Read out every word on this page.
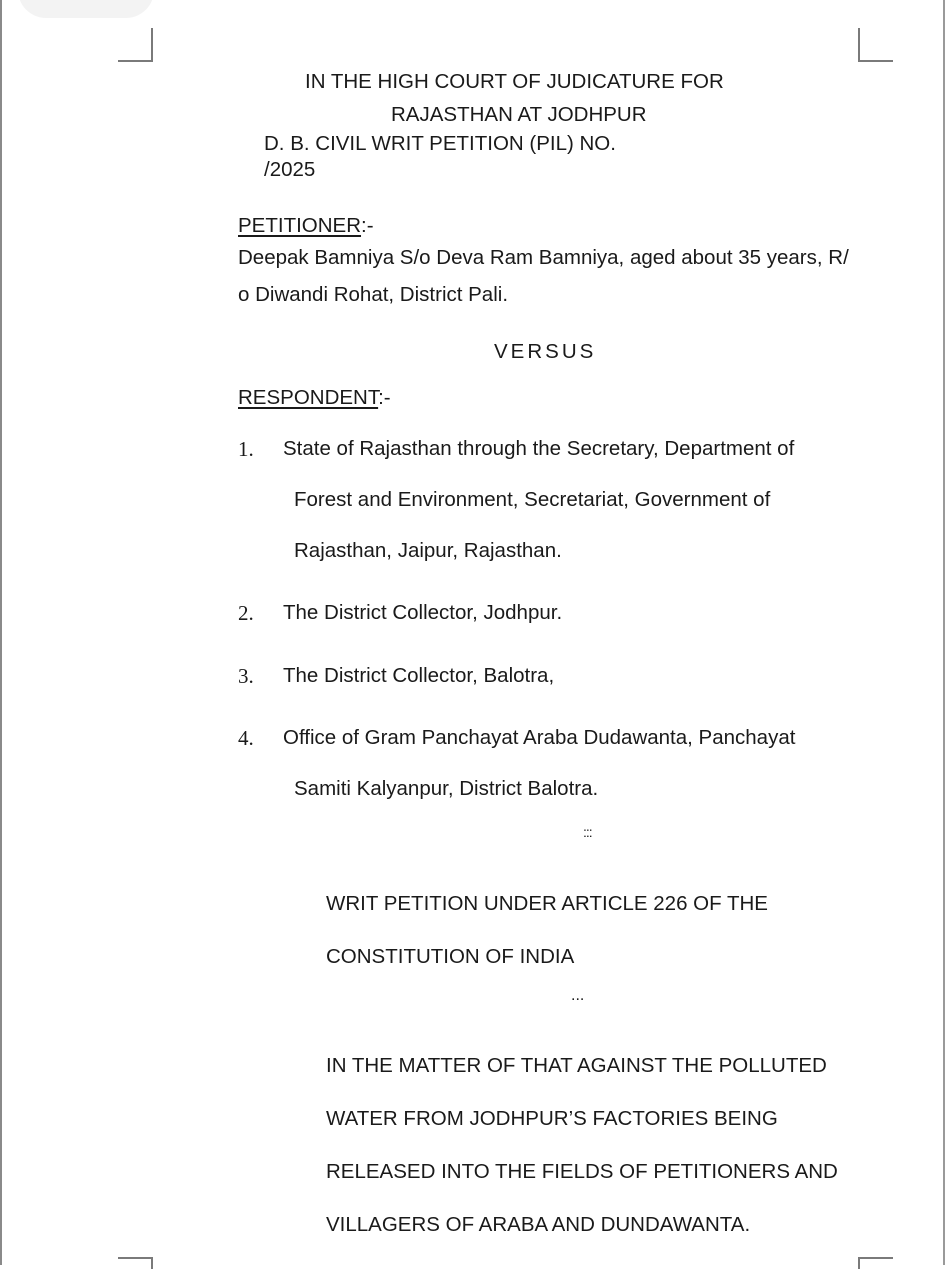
IN THE HIGH COURT OF JUDICATURE FOR

RAJASTHAN AT JODHPUR

D. B. CIVIL WRIT PETITION (PIL) NO.

/2025

PETITIONER:-

Deepak Bamniya S/o Deva Ram Bamniya, aged about 35 years, R/

o Diwandi Rohat, District Pali.

VERSUS

RESPONDENT:-

1. State of Rajasthan through the Secretary, Department of

Forest and Environment, Secretariat, Government of

Rajasthan, Jaipur, Rajasthan.

2. The District Collector, Jodhpur.

3. The District Collector, Balotra,

4. Office of Gram Panchayat Araba Dudawanta, Panchayat

Samiti Kalyanpur, District Balotra.

:::

WRIT PETITION UNDER ARTICLE 226 OF THE

CONSTITUTION OF INDIA

...

IN THE MATTER OF THAT AGAINST THE POLLUTED

WATER FROM JODHPUR’S FACTORIES BEING

RELEASED INTO THE FIELDS OF PETITIONERS AND

VILLAGERS OF ARABA AND DUNDAWANTA.
